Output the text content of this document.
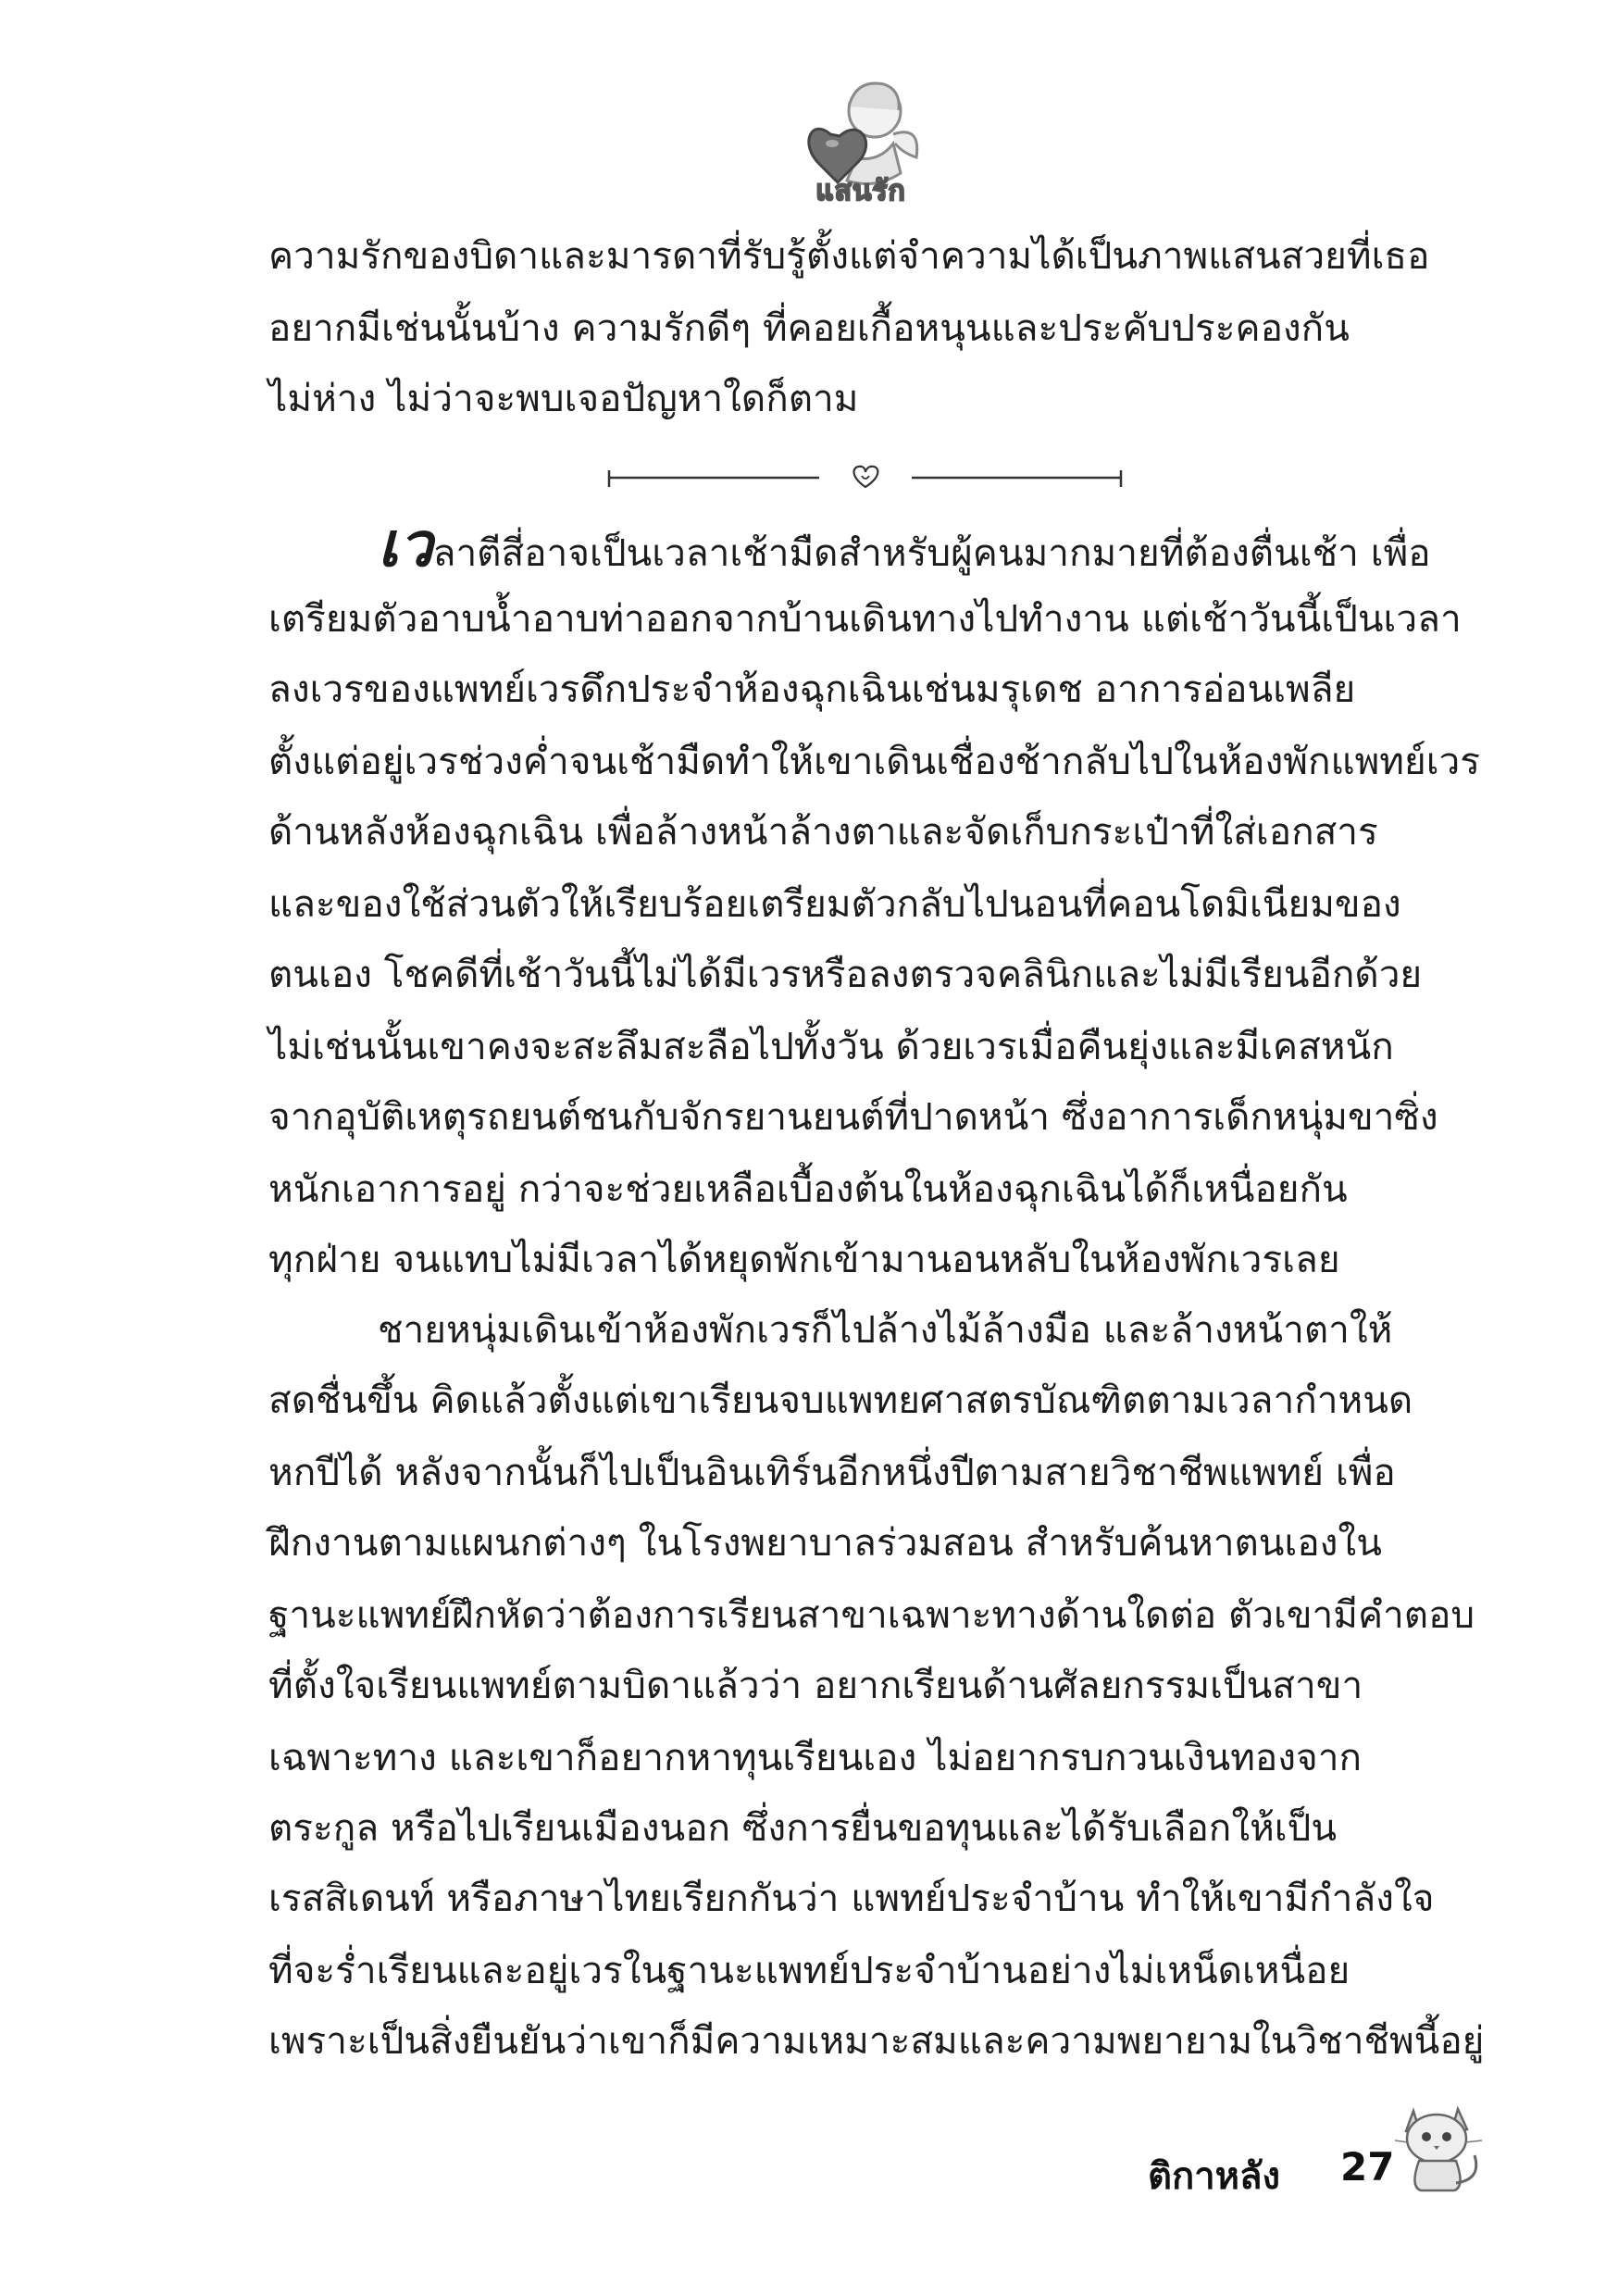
แสนรัก
ความรักของบิดาและมารดาที่รับรู้ตั้งแต่จำความได้เป็นภาพแสนสวยที่เธอ
อยากมีเช่นนั้นบ้าง ความรักดีๆ ที่คอยเกื้อหนุนและประคับประคองกัน
ไม่ห่าง ไม่ว่าจะพบเจอปัญหาใดก็ตาม
เวลาตีสี่อาจเป็นเวลาเช้ามืดสำหรับผู้คนมากมายที่ต้องตื่นเช้า เพื่อ
เตรียมตัวอาบน้ำอาบท่าออกจากบ้านเดินทางไปทำงาน แต่เช้าวันนี้เป็นเวลา
ลงเวรของแพทย์เวรดึกประจำห้องฉุกเฉินเช่นมรุเดช อาการอ่อนเพลีย
ตั้งแต่อยู่เวรช่วงค่ำจนเช้ามืดทำให้เขาเดินเชื่องช้ากลับไปในห้องพักแพทย์เวร
ด้านหลังห้องฉุกเฉิน เพื่อล้างหน้าล้างตาและจัดเก็บกระเป๋าที่ใส่เอกสาร
และของใช้ส่วนตัวให้เรียบร้อยเตรียมตัวกลับไปนอนที่คอนโดมิเนียมของ
ตนเอง โชคดีที่เช้าวันนี้ไม่ได้มีเวรหรือลงตรวจคลินิกและไม่มีเรียนอีกด้วย
ไม่เช่นนั้นเขาคงจะสะลึมสะลือไปทั้งวัน ด้วยเวรเมื่อคืนยุ่งและมีเคสหนัก
จากอุบัติเหตุรถยนต์ชนกับจักรยานยนต์ที่ปาดหน้า ซึ่งอาการเด็กหนุ่มขาซิ่ง
หนักเอาการอยู่ กว่าจะช่วยเหลือเบื้องต้นในห้องฉุกเฉินได้ก็เหนื่อยกัน
ทุกฝ่าย จนแทบไม่มีเวลาได้หยุดพักเข้ามานอนหลับในห้องพักเวรเลย
ชายหนุ่มเดินเข้าห้องพักเวรก็ไปล้างไม้ล้างมือ และล้างหน้าตาให้
สดชื่นขึ้น คิดแล้วตั้งแต่เขาเรียนจบแพทยศาสตรบัณฑิตตามเวลากำหนด
หกปีได้ หลังจากนั้นก็ไปเป็นอินเทิร์นอีกหนึ่งปีตามสายวิชาชีพแพทย์ เพื่อ
ฝึกงานตามแผนกต่างๆ ในโรงพยาบาลร่วมสอน สำหรับค้นหาตนเองใน
ฐานะแพทย์ฝึกหัดว่าต้องการเรียนสาขาเฉพาะทางด้านใดต่อ ตัวเขามีคำตอบ
ที่ตั้งใจเรียนแพทย์ตามบิดาแล้วว่า อยากเรียนด้านศัลยกรรมเป็นสาขา
เฉพาะทาง และเขาก็อยากหาทุนเรียนเอง ไม่อยากรบกวนเงินทองจาก
ตระกูล หรือไปเรียนเมืองนอก ซึ่งการยื่นขอทุนและได้รับเลือกให้เป็น
เรสสิเดนท์ หรือภาษาไทยเรียกกันว่า แพทย์ประจำบ้าน ทำให้เขามีกำลังใจ
ที่จะร่ำเรียนและอยู่เวรในฐานะแพทย์ประจำบ้านอย่างไม่เหน็ดเหนื่อย
เพราะเป็นสิ่งยืนยันว่าเขาก็มีความเหมาะสมและความพยายามในวิชาชีพนี้อยู่
ติกาหลัง 27
